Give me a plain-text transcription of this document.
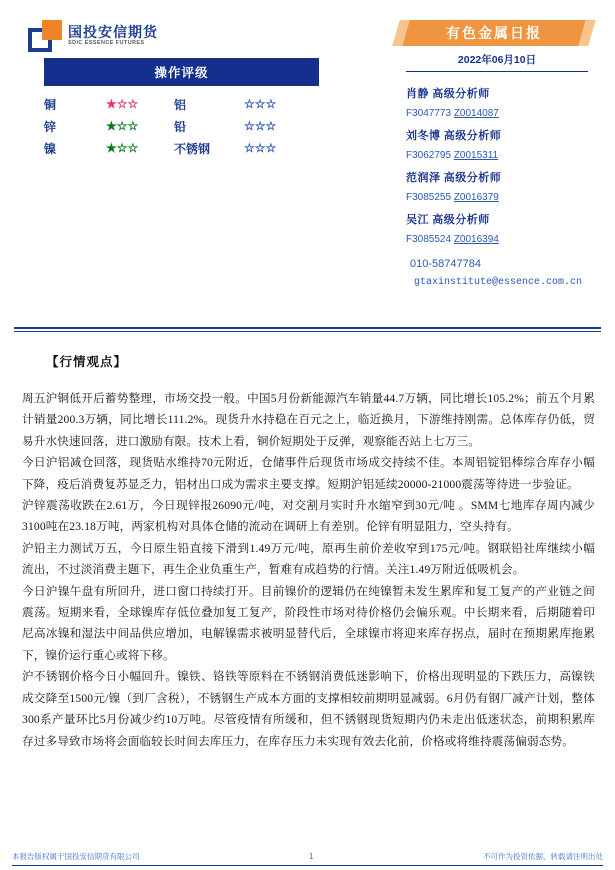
国投安信期货
SDIC ESSENCE FUTURES
操作评级
铜	★☆☆	铝	☆☆☆
锌	★☆☆	铅	☆☆☆
镍	★☆☆	不锈钢	☆☆☆
有色金属日报
2022年06月10日
肖静 高级分析师
F3047773 Z0014087
刘冬博 高级分析师
F3062795 Z0015311
范润泽 高级分析师
F3085255 Z0016379
吴江 高级分析师
F3085524 Z0016394
010-58747784
gtaxinstitute@essence.com.cn
【行情观点】

周五沪铜低开后蓄势整理，市场交投一般。中国5月份新能源汽车销量44.7万辆，同比增长105.2%；前五个月累计销量200.3万辆，同比增长111.2%。现货升水持稳在百元之上，临近换月，下游维持刚需。总体库存仍低，贸易升水快速回落，进口激励有限。技术上看，铜价短期处于反弹，观察能否站上七万三。

今日沪铝减仓回落，现货贴水维持70元附近，仓储事件后现货市场成交持续不佳。本周铝锭铝棒综合库存小幅下降，疫后消费复苏显乏力，铝材出口成为需求主要支撑。短期沪铝延续20000-21000震荡等待进一步验证。

沪锌震荡收跌在2.61万，今日现锌报26090元/吨，对交割月实时升水缩窄到30元/吨 。SMM七地库存周内减少3100吨在23.18万吨，两家机构对具体仓储的流动在调研上有差别。伦锌有明显阻力，空头持有。

沪铅主力测试万五，今日原生铅直接下滑到1.49万元/吨，原再生前价差收窄到175元/吨。钢联铅社库继续小幅流出，不过淡消费主题下，再生企业负重生产，暂难有成趋势的行情。关注1.49万附近低吸机会。

今日沪镍午盘有所回升，进口窗口持续打开。目前镍价的逻辑仍在纯镍暂未发生累库和复工复产的产业链之间震荡。短期来看，全球镍库存低位叠加复工复产，阶段性市场对待价格仍会偏乐观。中长期来看，后期随着印尼高冰镍和湿法中间品供应增加，电解镍需求被明显替代后，全球镍市将迎来库存拐点，届时在预期累库拖累下，镍价运行重心或将下移。

沪不锈钢价格今日小幅回升。镍铁、铬铁等原料在不锈钢消费低迷影响下，价格出现明显的下跌压力，高镍铁成交降至1500元/镍（到厂含税），不锈钢生产成本方面的支撑相较前期明显减弱。6月仍有钢厂减产计划，整体300系产量环比5月份减少约10万吨。尽管疫情有所缓和，但不锈钢现货短期内仍未走出低迷状态，前期积累库存过多导致市场将会面临较长时间去库压力，在库存压力未实现有效去化前，价格或将维持震荡偏弱态势。

本报告版权属于国投安信期货有限公司	1	不可作为投资依据，转载请注明出处
